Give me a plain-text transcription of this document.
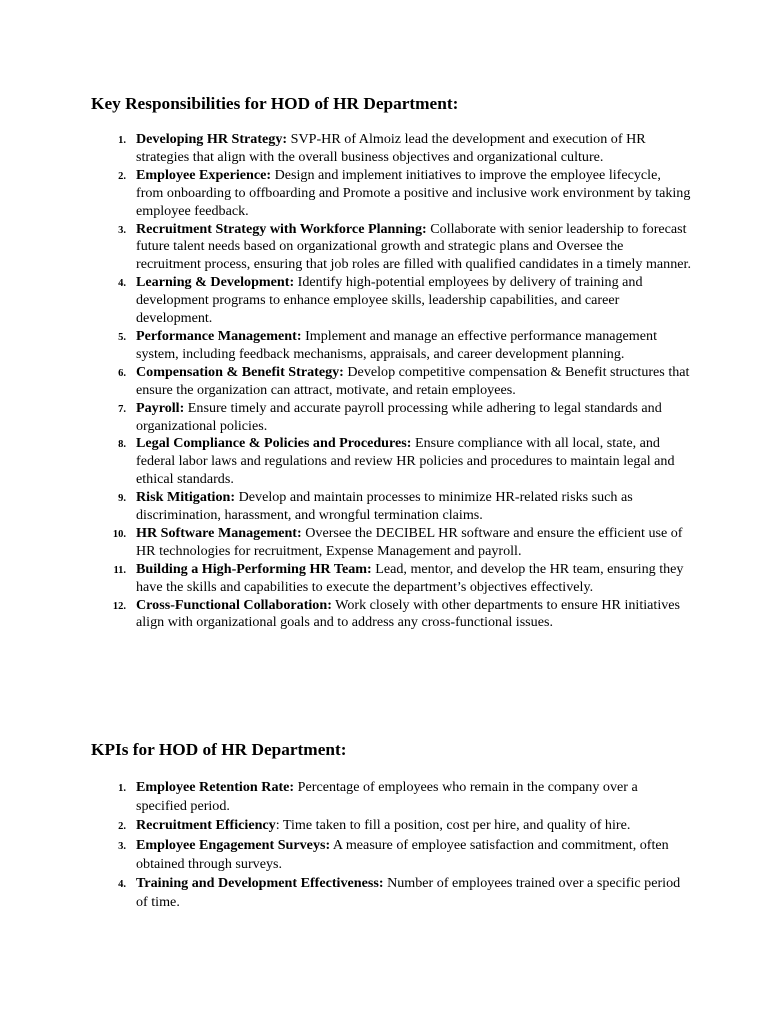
Key Responsibilities for HOD of HR Department:
1. Developing HR Strategy: SVP-HR of Almoiz lead the development and execution of HR strategies that align with the overall business objectives and organizational culture.
2. Employee Experience: Design and implement initiatives to improve the employee lifecycle, from onboarding to offboarding and Promote a positive and inclusive work environment by taking employee feedback.
3. Recruitment Strategy with Workforce Planning: Collaborate with senior leadership to forecast future talent needs based on organizational growth and strategic plans and Oversee the recruitment process, ensuring that job roles are filled with qualified candidates in a timely manner.
4. Learning & Development: Identify high-potential employees by delivery of training and development programs to enhance employee skills, leadership capabilities, and career development.
5. Performance Management: Implement and manage an effective performance management system, including feedback mechanisms, appraisals, and career development planning.
6. Compensation & Benefit Strategy: Develop competitive compensation & Benefit structures that ensure the organization can attract, motivate, and retain employees.
7. Payroll: Ensure timely and accurate payroll processing while adhering to legal standards and organizational policies.
8. Legal Compliance & Policies and Procedures: Ensure compliance with all local, state, and federal labor laws and regulations and review HR policies and procedures to maintain legal and ethical standards.
9. Risk Mitigation: Develop and maintain processes to minimize HR-related risks such as discrimination, harassment, and wrongful termination claims.
10. HR Software Management: Oversee the DECIBEL HR software and ensure the efficient use of HR technologies for recruitment, Expense Management and payroll.
11. Building a High-Performing HR Team: Lead, mentor, and develop the HR team, ensuring they have the skills and capabilities to execute the department’s objectives effectively.
12. Cross-Functional Collaboration: Work closely with other departments to ensure HR initiatives align with organizational goals and to address any cross-functional issues.
KPIs for HOD of HR Department:
1. Employee Retention Rate: Percentage of employees who remain in the company over a specified period.
2. Recruitment Efficiency: Time taken to fill a position, cost per hire, and quality of hire.
3. Employee Engagement Surveys: A measure of employee satisfaction and commitment, often obtained through surveys.
4. Training and Development Effectiveness: Number of employees trained over a specific period of time.
